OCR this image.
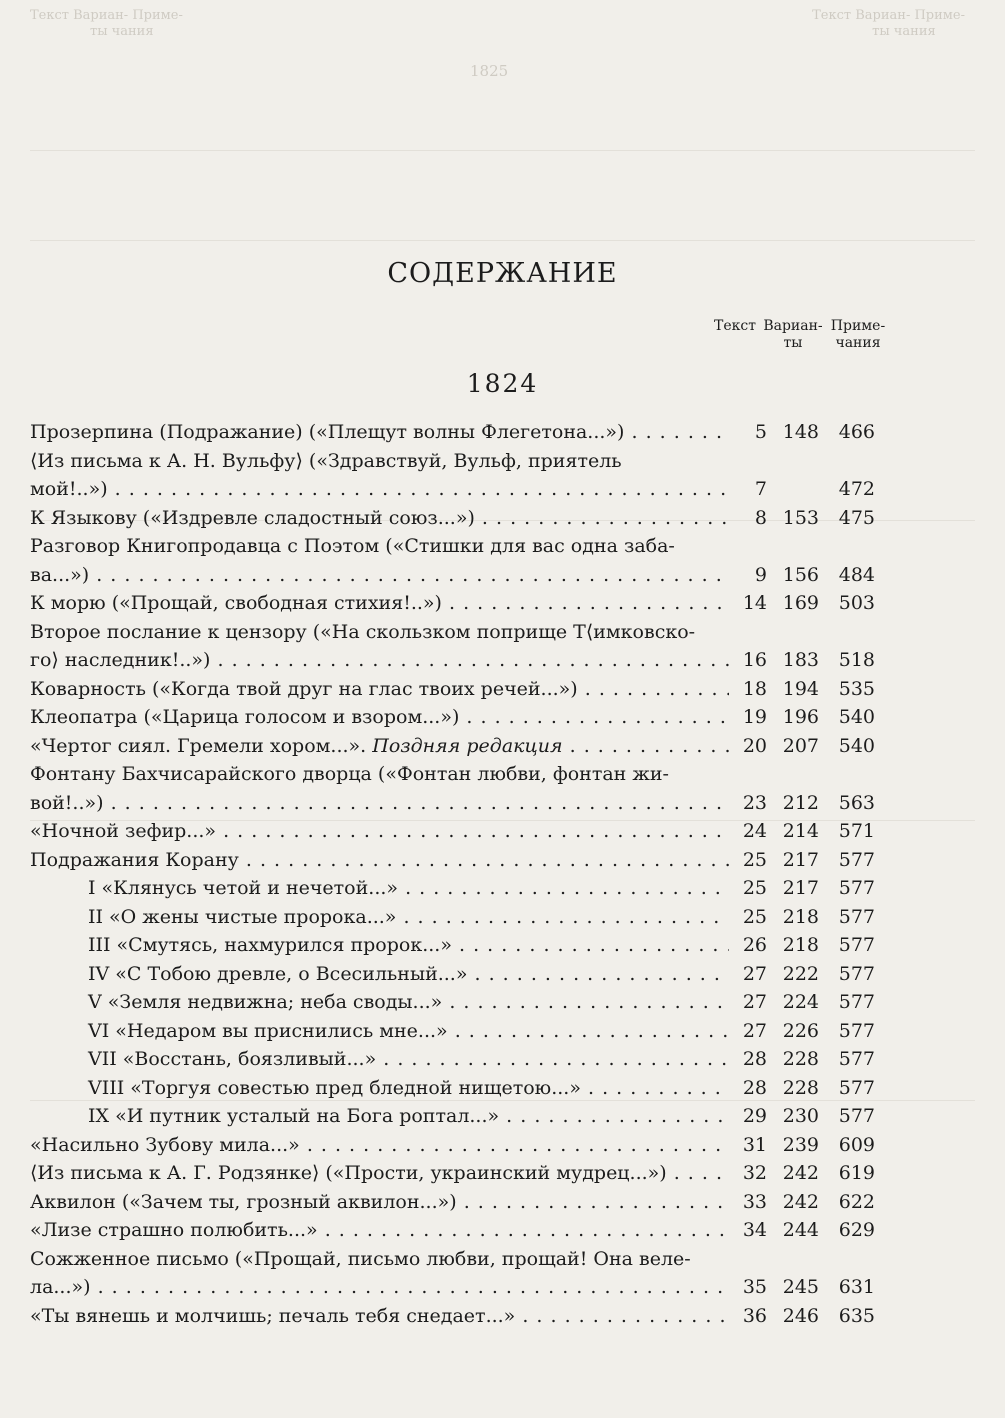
Текст Вариан- Приме-
ты чания
Текст Вариан- Приме-
ты чания
1825
СОДЕРЖАНИЕ
Текст Вариан-
ты
Приме-
чания
1824
Прозерпина (Подражание) («Плещут волны Флегетона...») . . .	5 148	466
⟨Из письма к А. Н. Вульфу⟩ («Здравствуй, Вульф, приятель
мой!..») . . .	7	472
К Языкову («Издревле сладостный союз...») . . .	8 153	475
Разговор Книгопродавца с Поэтом («Стишки для вас одна заба-
ва...») . . .	9 156	484
К морю («Прощай, свободная стихия!..») . . .	14 169	503
Второе послание к цензору («На скользком поприще Т⟨имковско-
го⟩ наследник!..») . . .	16 183	518
Коварность («Когда твой друг на глас твоих речей...») . . .	18 194	535
Клеопатра («Царица голосом и взором...») . . .	19 196	540
«Чертог сиял. Гремели хором...». Поздняя редакция . . .	20 207	540
Фонтану Бахчисарайского дворца («Фонтан любви, фонтан жи-
вой!..») . . .	23 212	563
«Ночной зефир...» . . .	24 214	571
Подражания Корану . . .	25 217	577
I «Клянусь четой и нечетой...» . . .	25 217	577
II «О жены чистые пророка...» . . .	25 218	577
III «Смутясь, нахмурился пророк...» . . .	26 218	577
IV «С Тобою древле, о Всесильный...» . . .	27 222	577
V «Земля недвижна; неба своды...» . . .	27 224	577
VI «Недаром вы приснились мне...» . . .	27 226	577
VII «Восстань, боязливый...» . . .	28 228	577
VIII «Торгуя совестью пред бледной нищетою...» . . .	28 228	577
IX «И путник усталый на Бога роптал...» . . .	29 230	577
«Насильно Зубову мила...» . . .	31 239	609
⟨Из письма к А. Г. Родзянке⟩ («Прости, украинский мудрец...») . . .	32 242	619
Аквилон («Зачем ты, грозный аквилон...») . . .	33 242	622
«Лизе страшно полюбить...» . . .	34 244	629
Сожженное письмо («Прощай, письмо любви, прощай! Она веле-
ла...») . . .	35 245	631
«Ты вянешь и молчишь; печаль тебя снедает...» . . .	36 246	635
